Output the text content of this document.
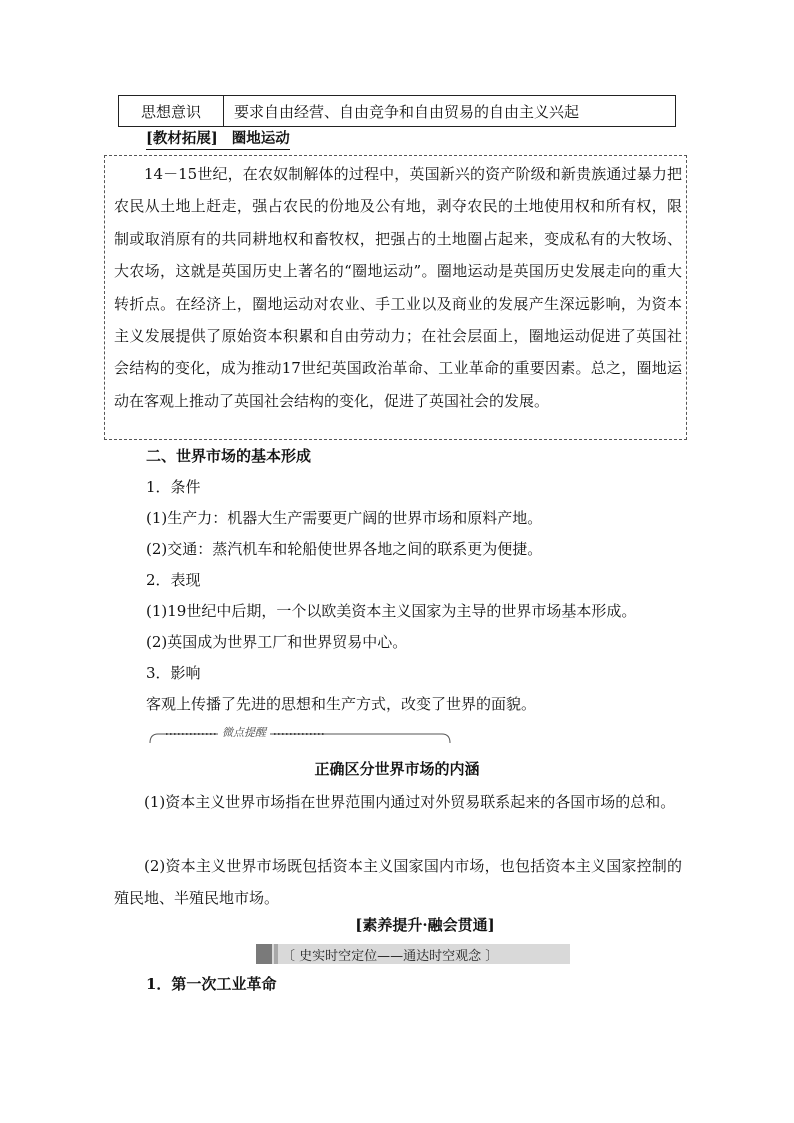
思想意识	要求自由经营、自由竞争和自由贸易的自由主义兴起
[教材拓展] 圈地运动

14－15世纪，在农奴制解体的过程中，英国新兴的资产阶级和新贵族通过暴力把农民从土地上赶走，强占农民的份地及公有地，剥夺农民的土地使用权和所有权，限制或取消原有的共同耕地权和畜牧权，把强占的土地圈占起来，变成私有的大牧场、大农场，这就是英国历史上著名的“圈地运动”。圈地运动是英国历史发展走向的重大转折点。在经济上，圈地运动对农业、手工业以及商业的发展产生深远影响，为资本主义发展提供了原始资本积累和自由劳动力；在社会层面上，圈地运动促进了英国社会结构的变化，成为推动17世纪英国政治革命、工业革命的重要因素。总之，圈地运动在客观上推动了英国社会结构的变化，促进了英国社会的发展。

二、世界市场的基本形成
1．条件
(1)生产力：机器大生产需要更广阔的世界市场和原料产地。
(2)交通：蒸汽机车和轮船使世界各地之间的联系更为便捷。
2．表现
(1)19世纪中后期，一个以欧美资本主义国家为主导的世界市场基本形成。
(2)英国成为世界工厂和世界贸易中心。
3．影响
客观上传播了先进的思想和生产方式，改变了世界的面貌。
微点提醒
正确区分世界市场的内涵

(1)资本主义世界市场指在世界范围内通过对外贸易联系起来的各国市场的总和。

(2)资本主义世界市场既包括资本主义国家国内市场，也包括资本主义国家控制的殖民地、半殖民地市场。

[素养提升·融会贯通]
〔 史实时空定位——通达时空观念 〕
1．第一次工业革命
